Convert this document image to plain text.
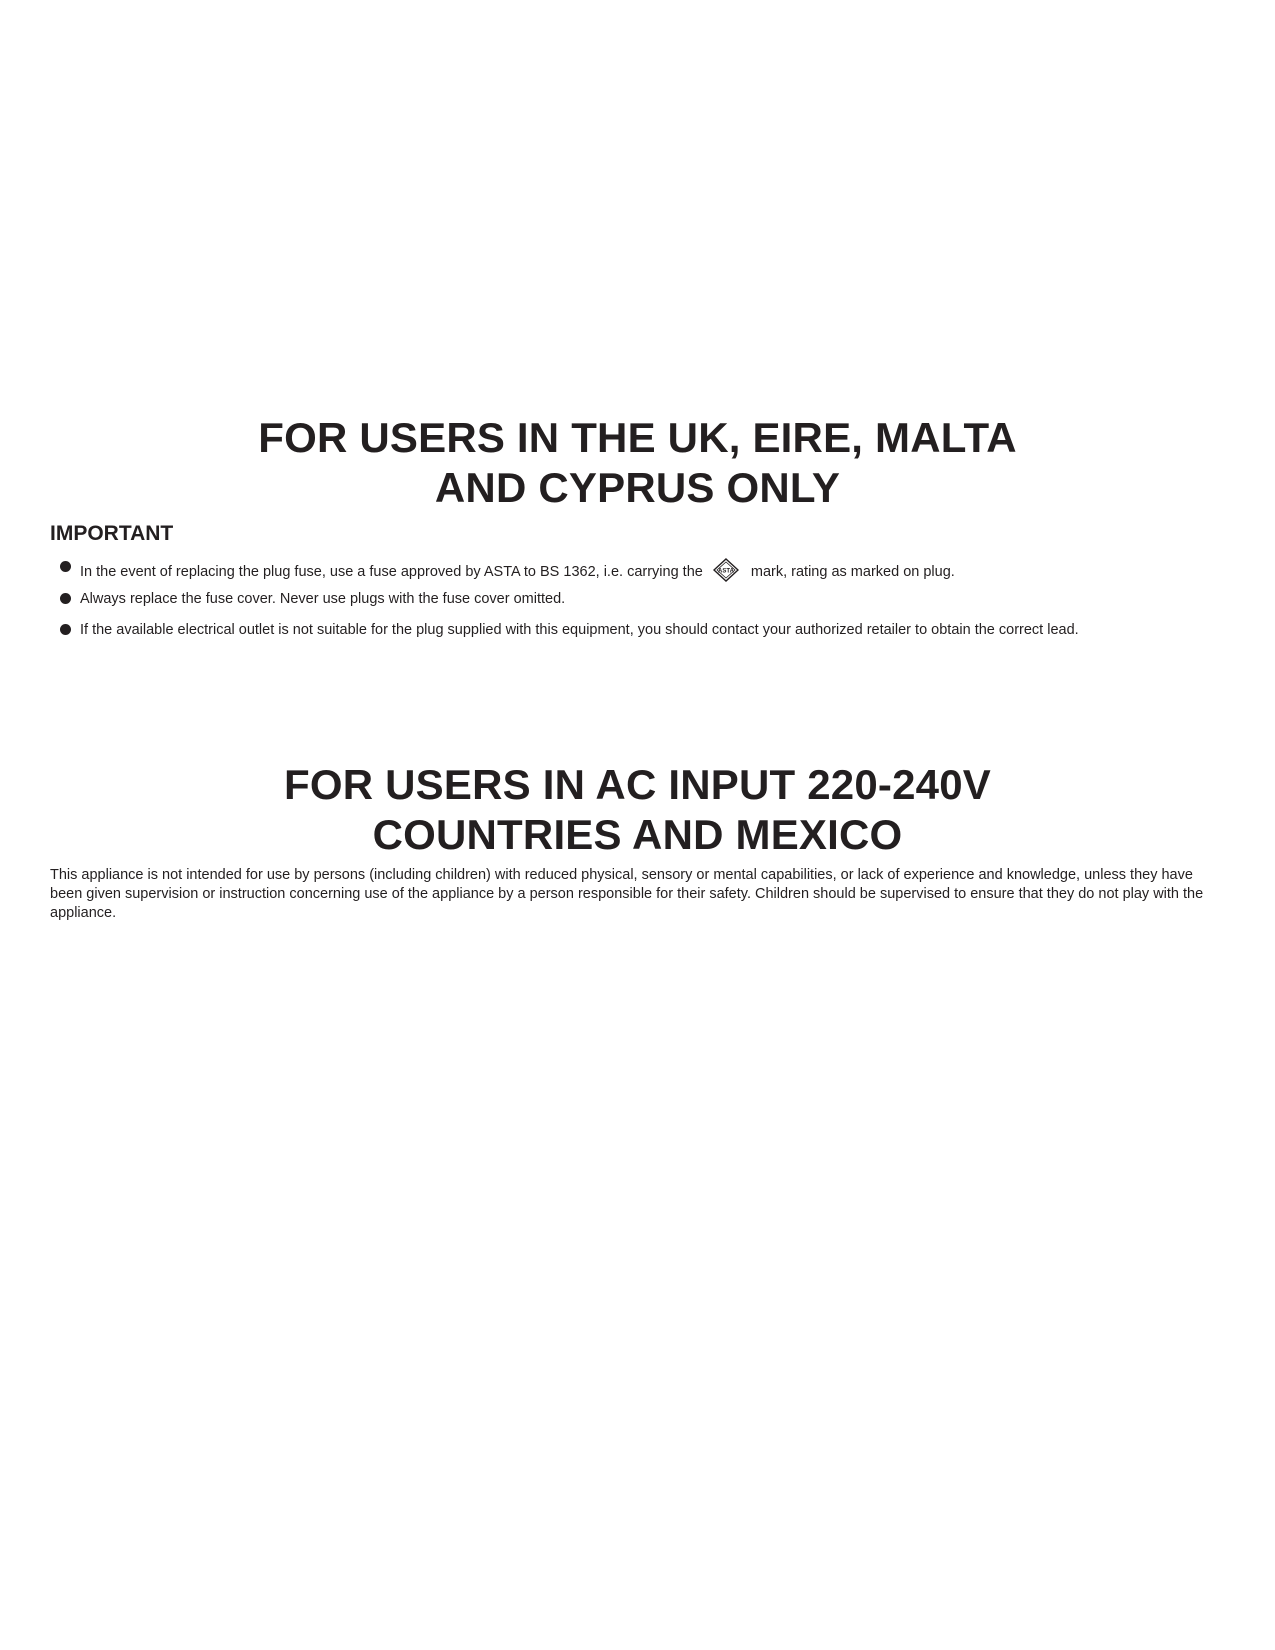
FOR USERS IN THE UK, EIRE, MALTA
AND CYPRUS ONLY
IMPORTANT
In the event of replacing the plug fuse, use a fuse approved by ASTA to BS 1362, i.e. carrying the	ASTA mark, rating as marked on plug.
Always replace the fuse cover. Never use plugs with the fuse cover omitted.
If the available electrical outlet is not suitable for the plug supplied with this equipment, you should contact your authorized retailer to obtain the correct lead.
FOR USERS IN AC INPUT 220-240V
COUNTRIES AND MEXICO

This appliance is not intended for use by persons (including children) with reduced physical, sensory or mental capabilities, or lack of experience and knowledge, unless they have been given supervision or instruction concerning use of the appliance by a person responsible for their safety. Children should be supervised to ensure that they do not play with the appliance.
